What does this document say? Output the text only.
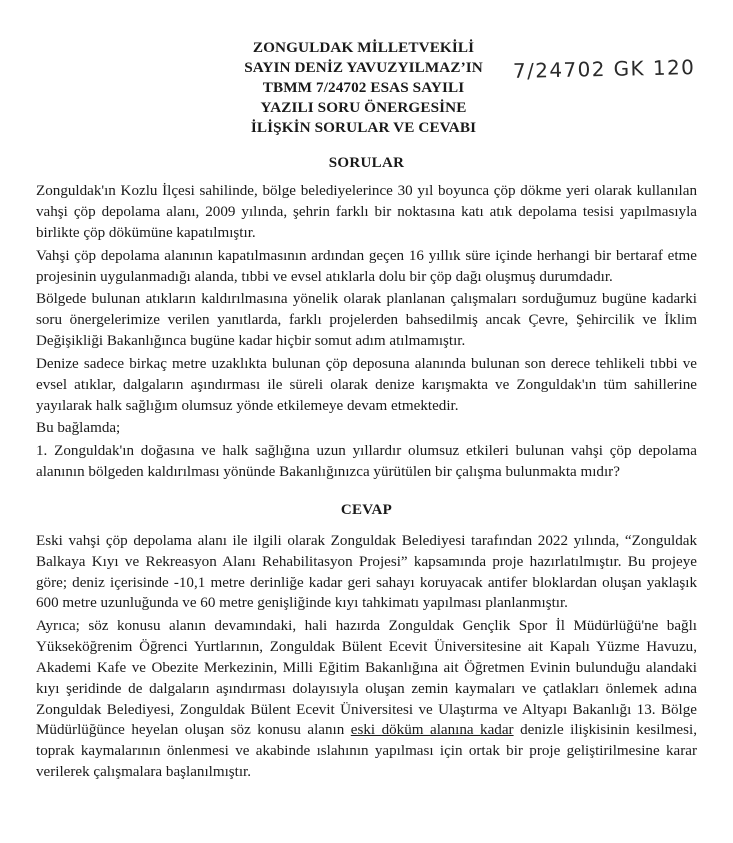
ZONGULDAK MİLLETVEKİLİ
SAYIN DENİZ YAVUZYILMAZ’IN
TBMM 7/24702 ESAS SAYILI
YAZILI SORU ÖNERGESİNE
İLİŞKİN SORULAR VE CEVABI
7/24702 GK 120
SORULAR

Zonguldak'ın Kozlu İlçesi sahilinde, bölge belediyelerince 30 yıl boyunca çöp dökme yeri olarak kullanılan vahşi çöp depolama alanı, 2009 yılında, şehrin farklı bir noktasına katı atık depolama tesisi yapılmasıyla birlikte çöp dökümüne kapatılmıştır.

Vahşi çöp depolama alanının kapatılmasının ardından geçen 16 yıllık süre içinde herhangi bir bertaraf etme projesinin uygulanmadığı alanda, tıbbi ve evsel atıklarla dolu bir çöp dağı oluşmuş durumdadır.

Bölgede bulunan atıkların kaldırılmasına yönelik olarak planlanan çalışmaları sorduğumuz bugüne kadarki soru önergelerimize verilen yanıtlarda, farklı projelerden bahsedilmiş ancak Çevre, Şehircilik ve İklim Değişikliği Bakanlığınca bugüne kadar hiçbir somut adım atılmamıştır.

Denize sadece birkaç metre uzaklıkta bulunan çöp deposuna alanında bulunan son derece tehlikeli tıbbi ve evsel atıklar, dalgaların aşındırması ile süreli olarak denize karışmakta ve Zonguldak'ın tüm sahillerine yayılarak halk sağlığım olumsuz yönde etkilemeye devam etmektedir.

Bu bağlamda;

1. Zonguldak'ın doğasına ve halk sağlığına uzun yıllardır olumsuz etkileri bulunan vahşi çöp depolama alanının bölgeden kaldırılması yönünde Bakanlığınızca yürütülen bir çalışma bulunmakta mıdır?

CEVAP

Eski vahşi çöp depolama alanı ile ilgili olarak Zonguldak Belediyesi tarafından 2022 yılında, “Zonguldak Balkaya Kıyı ve Rekreasyon Alanı Rehabilitasyon Projesi” kapsamında proje hazırlatılmıştır. Bu projeye göre; deniz içerisinde -10,1 metre derinliğe kadar geri sahayı koruyacak antifer bloklardan oluşan yaklaşık 600 metre uzunluğunda ve 60 metre genişliğinde kıyı tahkimatı yapılması planlanmıştır.

Ayrıca; söz konusu alanın devamındaki, hali hazırda Zonguldak Gençlik Spor İl Müdürlüğü'ne bağlı Yükseköğrenim Öğrenci Yurtlarının, Zonguldak Bülent Ecevit Üniversitesine ait Kapalı Yüzme Havuzu, Akademi Kafe ve Obezite Merkezinin, Milli Eğitim Bakanlığına ait Öğretmen Evinin bulunduğu alandaki kıyı şeridinde de dalgaların aşındırması dolayısıyla oluşan zemin kaymaları ve çatlakları önlemek adına Zonguldak Belediyesi, Zonguldak Bülent Ecevit Üniversitesi ve Ulaştırma ve Altyapı Bakanlığı 13. Bölge Müdürlüğünce heyelan oluşan söz konusu alanın eski döküm alanına kadar denizle ilişkisinin kesilmesi, toprak kaymalarının önlenmesi ve akabinde ıslahının yapılması için ortak bir proje geliştirilmesine karar verilerek çalışmalara başlanılmıştır.
